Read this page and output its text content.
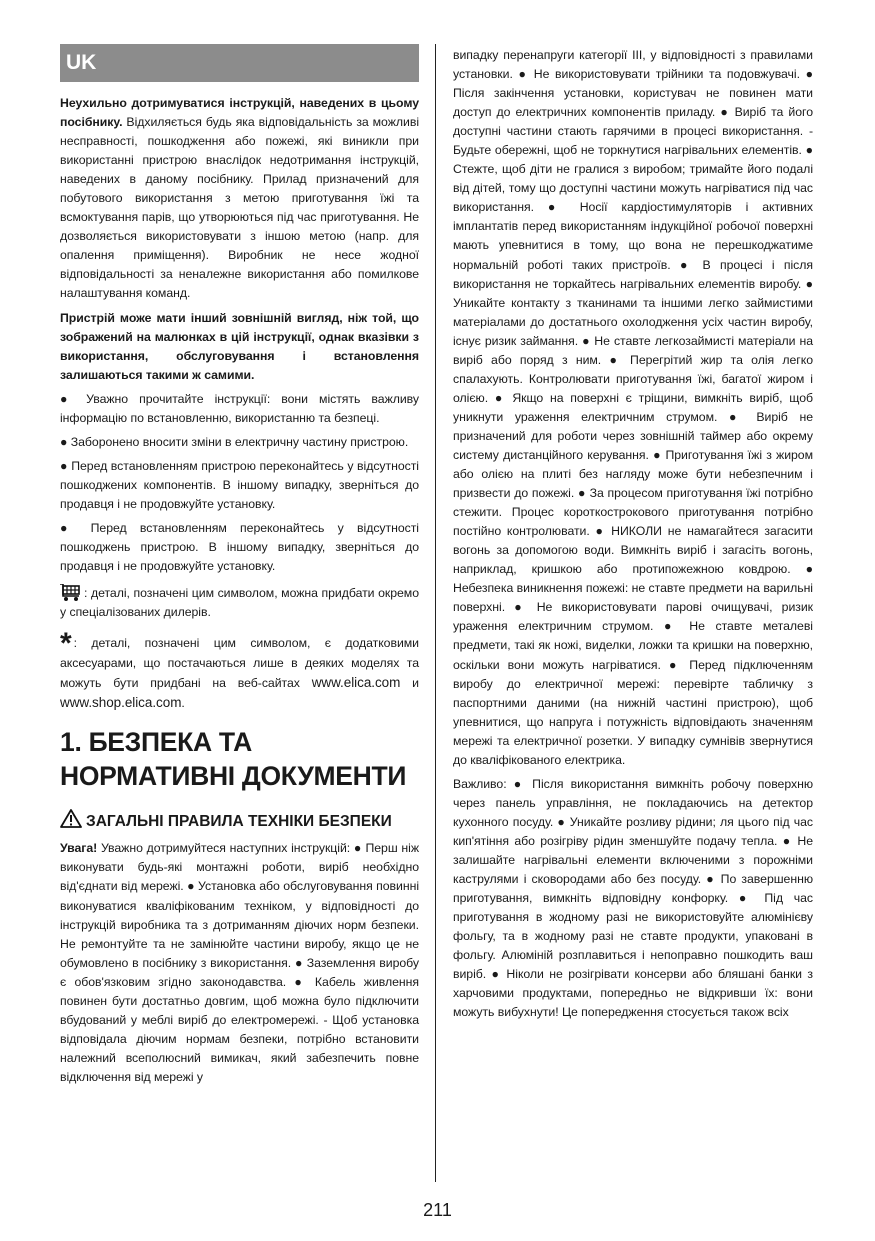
UK

Неухильно дотримуватися інструкцій, наведених в цьому посібнику. Відхиляється будь яка відповідальність за можливі несправності, пошкодження або пожежі, які виникли при використанні пристрою внаслідок недотримання інструкцій, наведених в даному посібнику. Прилад призначений для побутового використання з метою приготування їжі та всмоктування парів, що утворюються під час приготування. Не дозволяється використовувати з іншою метою (напр. для опалення приміщення). Виробник не несе жодної відповідальності за неналежне використання або помилкове налаштування команд.

Пристрій може мати інший зовнішній вигляд, ніж той, що зображений на малюнках в цій інструкції, однак вказівки з використання, обслуговування і встановлення залишаються такими ж самими.

● Уважно прочитайте інструкції: вони містять важливу інформацію по встановленню, використанню та безпеці.

● Заборонено вносити зміни в електричну частину пристрою.

● Перед встановленням пристрою переконайтесь у відсутності пошкоджених компонентів. В іншому випадку, зверніться до продавця і не продовжуйте установку.

● Перед встановленням переконайтесь у відсутності пошкоджень пристрою. В іншому випадку, зверніться до продавця і не продовжуйте установку.

: деталі, позначені цим символом, можна придбати окремо у спеціалізованих дилерів.

* : деталі, позначені цим символом, є додатковими аксесуарами, що постачаються лише в деяких моделях та можуть бути придбані на веб-сайтах www.elica.com и www.shop.elica.com.

1. БЕЗПЕКА ТА НОРМАТИВНІ ДОКУМЕНТИ
ЗАГАЛЬНІ ПРАВИЛА ТЕХНІКИ БЕЗПЕКИ

Увага! Уважно дотримуйтеся наступних інструкцій: ● Перш ніж виконувати будь-які монтажні роботи, виріб необхідно від'єднати від мережі. ● Установка або обслуговування повинні виконуватися кваліфікованим техніком, у відповідності до інструкцій виробника та з дотриманням діючих норм безпеки. Не ремонтуйте та не замінюйте частини виробу, якщо це не обумовлено в посібнику з використання. ● Заземлення виробу є обов'язковим згідно законодавства. ● Кабель живлення повинен бути достатньо довгим, щоб можна було підключити вбудований у меблі виріб до електромережі. - Щоб установка відповідала діючим нормам безпеки, потрібно встановити належний всеполюсний вимикач, який забезпечить повне відключення від мережі у

випадку перенапруги категорії III, у відповідності з правилами установки. ● Не використовувати трійники та подовжувачі. ● Після закінчення установки, користувач не повинен мати доступ до електричних компонентів приладу. ● Виріб та його доступні частини стають гарячими в процесі використання. - Будьте обережні, щоб не торкнутися нагрівальних елементів. ● Стежте, щоб діти не гралися з виробом; тримайте його подалі від дітей, тому що доступні частини можуть нагріватися під час використання. ● Носії кардіостимуляторів і активних імплантатів перед використанням індукційної робочої поверхні мають упевнитися в тому, що вона не перешкоджатиме нормальній роботі таких пристроїв. ● В процесі і після використання не торкайтесь нагрівальних елементів виробу. ● Уникайте контакту з тканинами та іншими легко займистими матеріалами до достатнього охолодження усіх частин виробу, існує ризик займання. ● Не ставте легкозаймисті матеріали на виріб або поряд з ним. ● Перегрітий жир та олія легко спалахують. Контролювати приготування їжі, багатої жиром і олією. ● Якщо на поверхні є тріщини, вимкніть виріб, щоб уникнути ураження електричним струмом. ● Виріб не призначений для роботи через зовнішній таймер або окрему систему дистанційного керування. ● Приготування їжі з жиром або олією на плиті без нагляду може бути небезпечним і призвести до пожежі. ● За процесом приготування їжі потрібно стежити. Процес короткострокового приготування потрібно постійно контролювати. ● НИКОЛИ не намагайтеся загасити вогонь за допомогою води. Вимкніть виріб і загасіть вогонь, наприклад, кришкою або протипожежною ковдрою. ● Небезпека виникнення пожежі: не ставте предмети на варильні поверхні. ● Не використовувати парові очищувачі, ризик ураження електричним струмом. ● Не ставте металеві предмети, такі як ножі, виделки, ложки та кришки на поверхню, оскільки вони можуть нагріватися. ● Перед підключенням виробу до електричної мережі: перевірте табличку з паспортними даними (на нижній частині пристрою), щоб упевнитися, що напруга і потужність відповідають значенням мережі та електричної розетки. У випадку сумнівів звернутися до кваліфікованого електрика.

Важливо: ● Після використання вимкніть робочу поверхню через панель управління, не покладаючись на детектор кухонного посуду. ● Уникайте розливу рідини; ля цього під час кип'ятіння або розігріву рідин зменшуйте подачу тепла. ● Не залишайте нагрівальні елементи включеними з порожніми каструлями і сковородами або без посуду. ● По завершенню приготування, вимкніть відповідну конфорку. ● Під час приготування в жодному разі не використовуйте алюмінієву фольгу, та в жодному разі не ставте продукти, упаковані в фольгу. Алюміній розплавиться і непоправно пошкодить ваш виріб. ● Ніколи не розігрівати консерви або бляшані банки з харчовими продуктами, попередньо не відкривши їх: вони можуть вибухнути! Це попередження стосується також всіх

211
